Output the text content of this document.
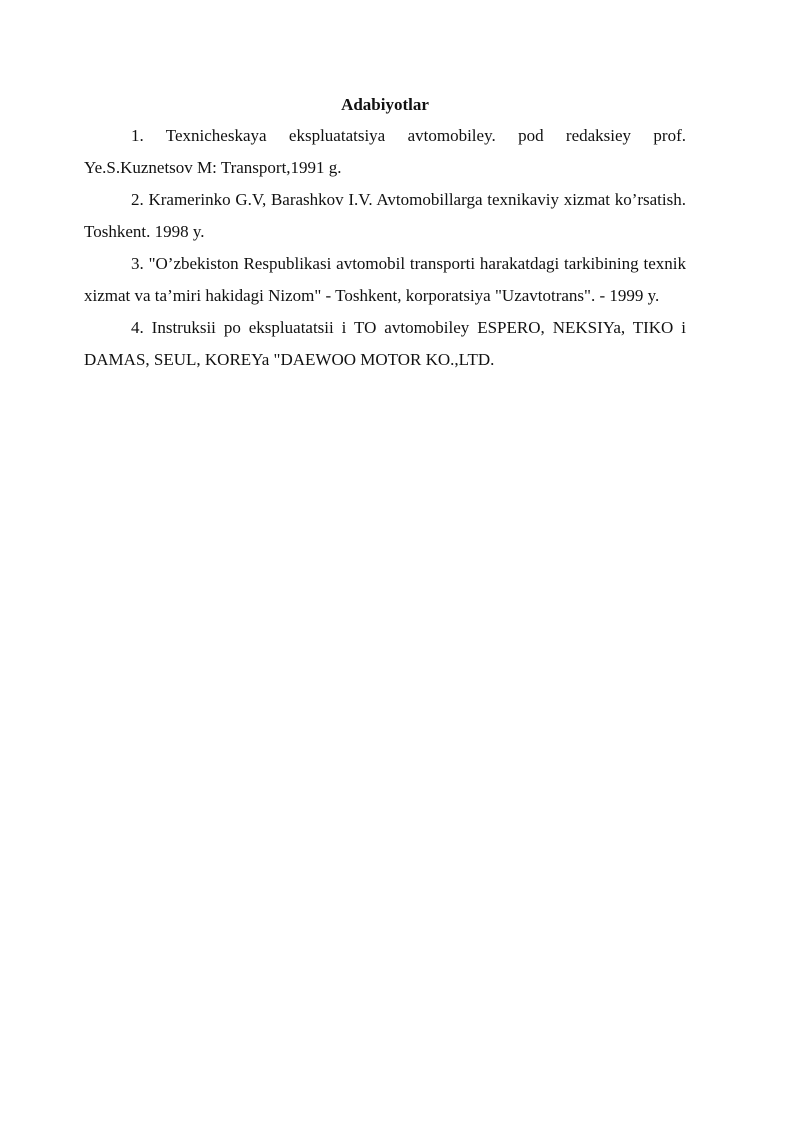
Adabiyotlar
1. Texnicheskaya ekspluatatsiya avtomobiley. pod redaksiey prof. Ye.S.Kuznetsov M: Transport,1991 g.
2. Kramerinko G.V, Barashkov I.V. Avtomobillarga texnikaviy xizmat ko’rsatish. Toshkent. 1998 y.
3. "O’zbekiston Respublikasi avtomobil transporti harakatdagi tarkibining texnik xizmat va ta’miri hakidagi Nizom" - Toshkent, korporatsiya "Uzavtotrans". - 1999 y.
4. Instruksii po ekspluatatsii i TO avtomobiley ESPERO, NEKSIYa, TIKO i DAMAS, SEUL, KOREYa "DAEWOO MOTOR KO.,LTD.
